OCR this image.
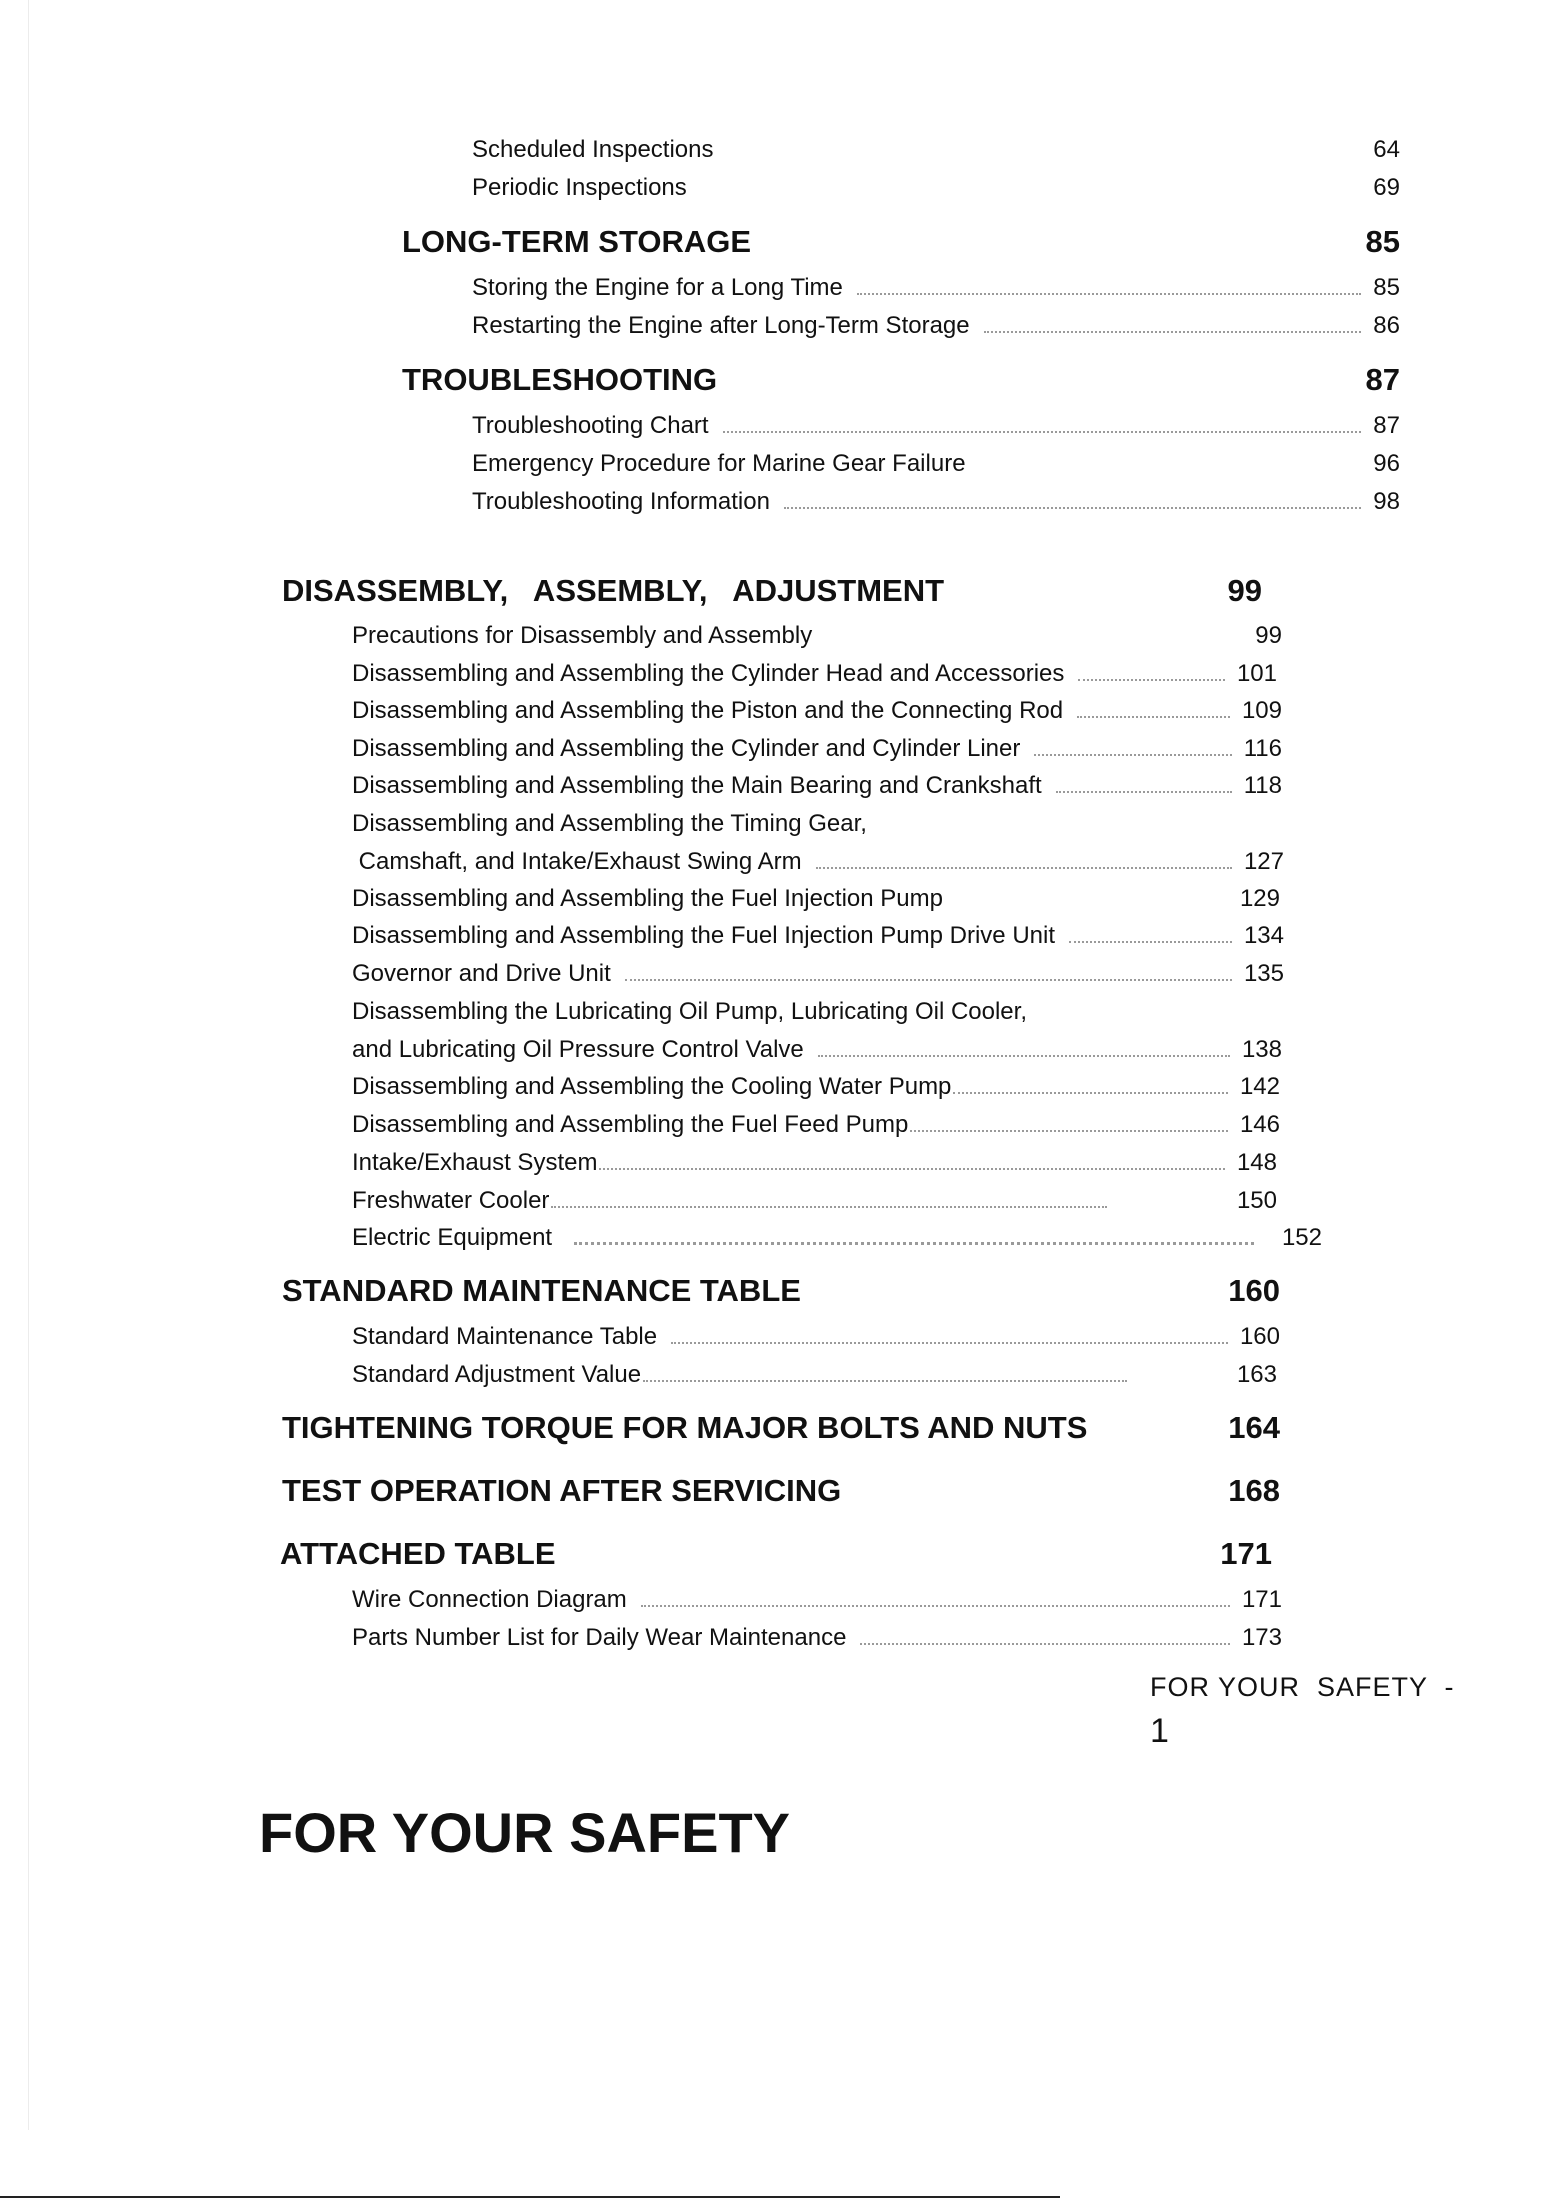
Scheduled Inspections	64
Periodic Inspections	69
LONG-TERM STORAGE	85
Storing the Engine for a Long Time	85
Restarting the Engine after Long-Term Storage	86
TROUBLESHOOTING	87
Troubleshooting Chart	87
Emergency Procedure for Marine Gear Failure	96
Troubleshooting Information	98
DISASSEMBLY,   ASSEMBLY,   ADJUSTMENT	99
Precautions for Disassembly and Assembly	99
Disassembling and Assembling the Cylinder Head and Accessories	101
Disassembling and Assembling the Piston and the Connecting Rod	109
Disassembling and Assembling the Cylinder and Cylinder Liner	116
Disassembling and Assembling the Main Bearing and Crankshaft	118
Disassembling and Assembling the Timing Gear,
Camshaft, and Intake/Exhaust Swing Arm	127
Disassembling and Assembling the Fuel Injection Pump	129
Disassembling and Assembling the Fuel Injection Pump Drive Unit	134
Governor and Drive Unit	135
Disassembling the Lubricating Oil Pump, Lubricating Oil Cooler,
and Lubricating Oil Pressure Control Valve	138
Disassembling and Assembling the Cooling Water Pump	142
Disassembling and Assembling the Fuel Feed Pump	146
Intake/Exhaust System	148
Freshwater Cooler	150
Electric Equipment	152
STANDARD MAINTENANCE TABLE	160
Standard Maintenance Table	160
Standard Adjustment Value	163
TIGHTENING TORQUE FOR MAJOR BOLTS AND NUTS	164
TEST OPERATION AFTER SERVICING	168
ATTACHED TABLE	171
Wire Connection Diagram	171
Parts Number List for Daily Wear Maintenance	173
FOR YOUR  SAFETY  -
1
FOR YOUR SAFETY
